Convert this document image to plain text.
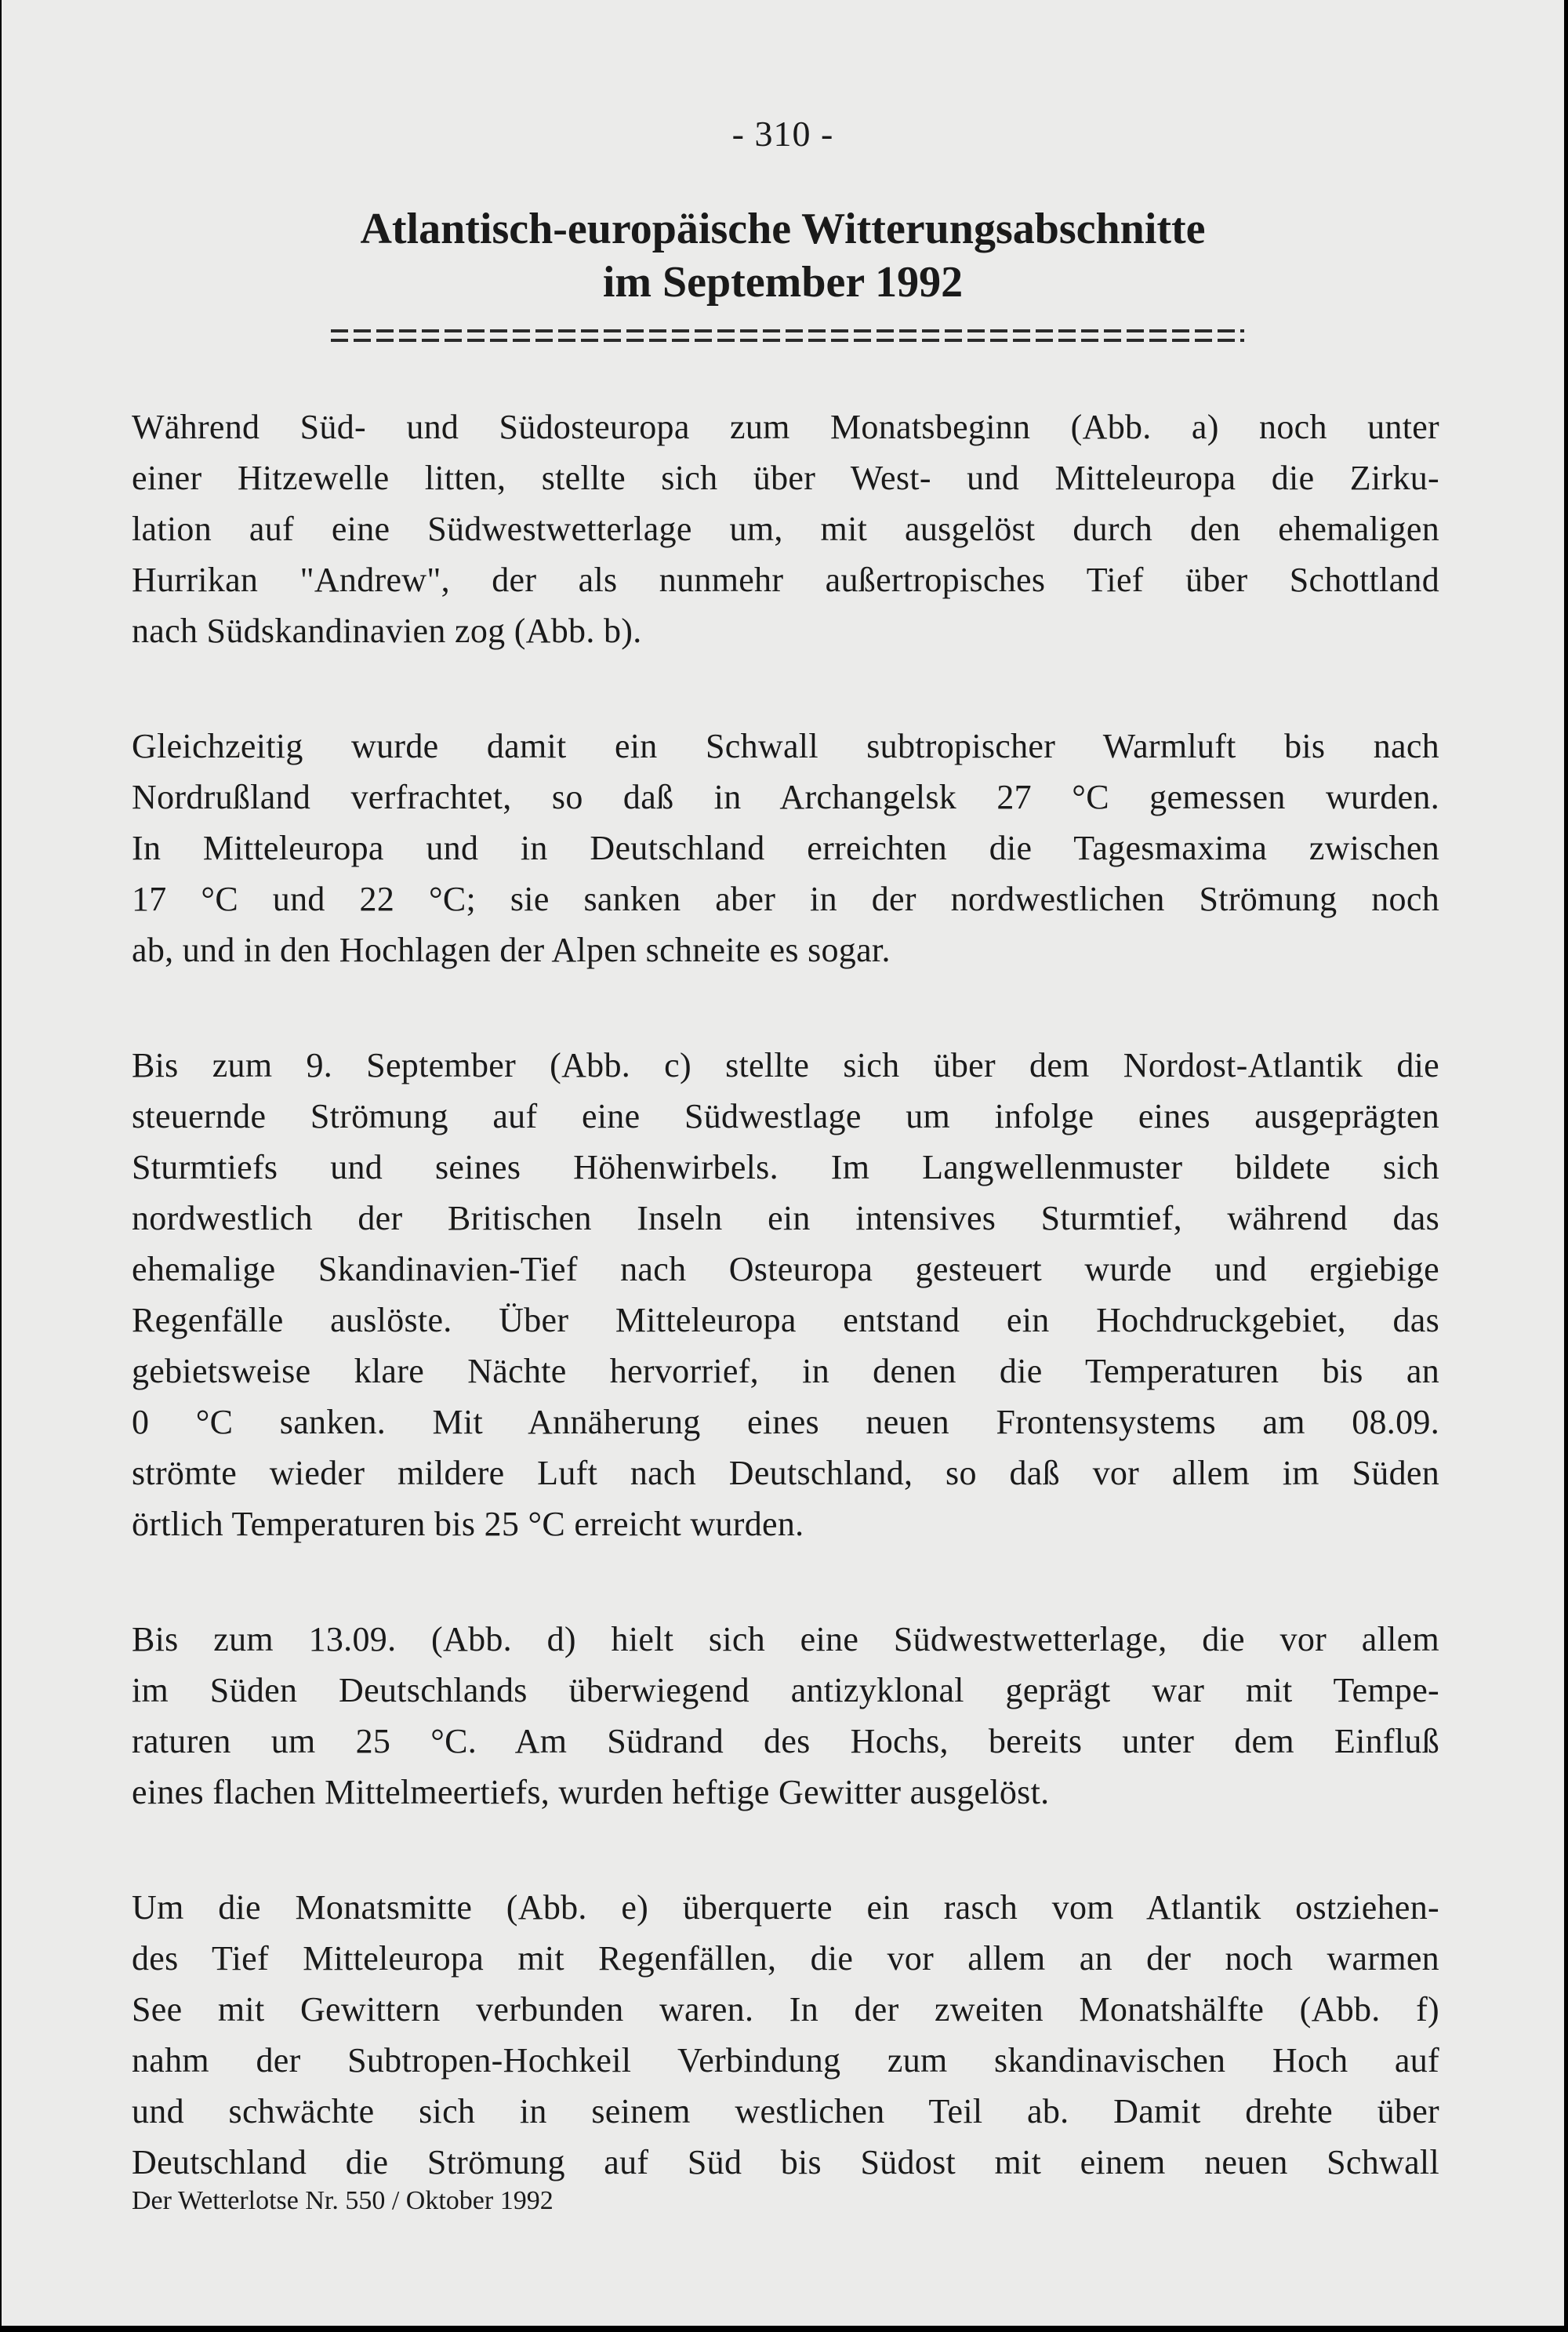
- 310 -
Atlantisch-europäische Witterungsabschnitte
im September 1992

Während Süd- und Südosteuropa zum Monatsbeginn (Abb. a) noch unter
einer Hitzewelle litten, stellte sich über West- und Mitteleuropa die Zirku-
lation auf eine Südwestwetterlage um, mit ausgelöst durch den ehemaligen
Hurrikan "Andrew", der als nunmehr außertropisches Tief über Schottland
nach Südskandinavien zog (Abb. b).

Gleichzeitig wurde damit ein Schwall subtropischer Warmluft bis nach
Nordrußland verfrachtet, so daß in Archangelsk 27 °C gemessen wurden.
In Mitteleuropa und in Deutschland erreichten die Tagesmaxima zwischen
17 °C und 22 °C; sie sanken aber in der nordwestlichen Strömung noch
ab, und in den Hochlagen der Alpen schneite es sogar.

Bis zum 9. September (Abb. c) stellte sich über dem Nordost-Atlantik die
steuernde Strömung auf eine Südwestlage um infolge eines ausgeprägten
Sturmtiefs und seines Höhenwirbels. Im Langwellenmuster bildete sich
nordwestlich der Britischen Inseln ein intensives Sturmtief, während das
ehemalige Skandinavien-Tief nach Osteuropa gesteuert wurde und ergiebige
Regenfälle auslöste. Über Mitteleuropa entstand ein Hochdruckgebiet, das
gebietsweise klare Nächte hervorrief, in denen die Temperaturen bis an
0 °C sanken. Mit Annäherung eines neuen Frontensystems am 08.09.
strömte wieder mildere Luft nach Deutschland, so daß vor allem im Süden
örtlich Temperaturen bis 25 °C erreicht wurden.

Bis zum 13.09. (Abb. d) hielt sich eine Südwestwetterlage, die vor allem
im Süden Deutschlands überwiegend antizyklonal geprägt war mit Tempe-
raturen um 25 °C. Am Südrand des Hochs, bereits unter dem Einfluß
eines flachen Mittelmeertiefs, wurden heftige Gewitter ausgelöst.

Um die Monatsmitte (Abb. e) überquerte ein rasch vom Atlantik ostziehen-
des Tief Mitteleuropa mit Regenfällen, die vor allem an der noch warmen
See mit Gewittern verbunden waren. In der zweiten Monatshälfte (Abb. f)
nahm der Subtropen-Hochkeil Verbindung zum skandinavischen Hoch auf
und schwächte sich in seinem westlichen Teil ab. Damit drehte über
Deutschland die Strömung auf Süd bis Südost mit einem neuen Schwall

Der Wetterlotse Nr. 550 / Oktober 1992
